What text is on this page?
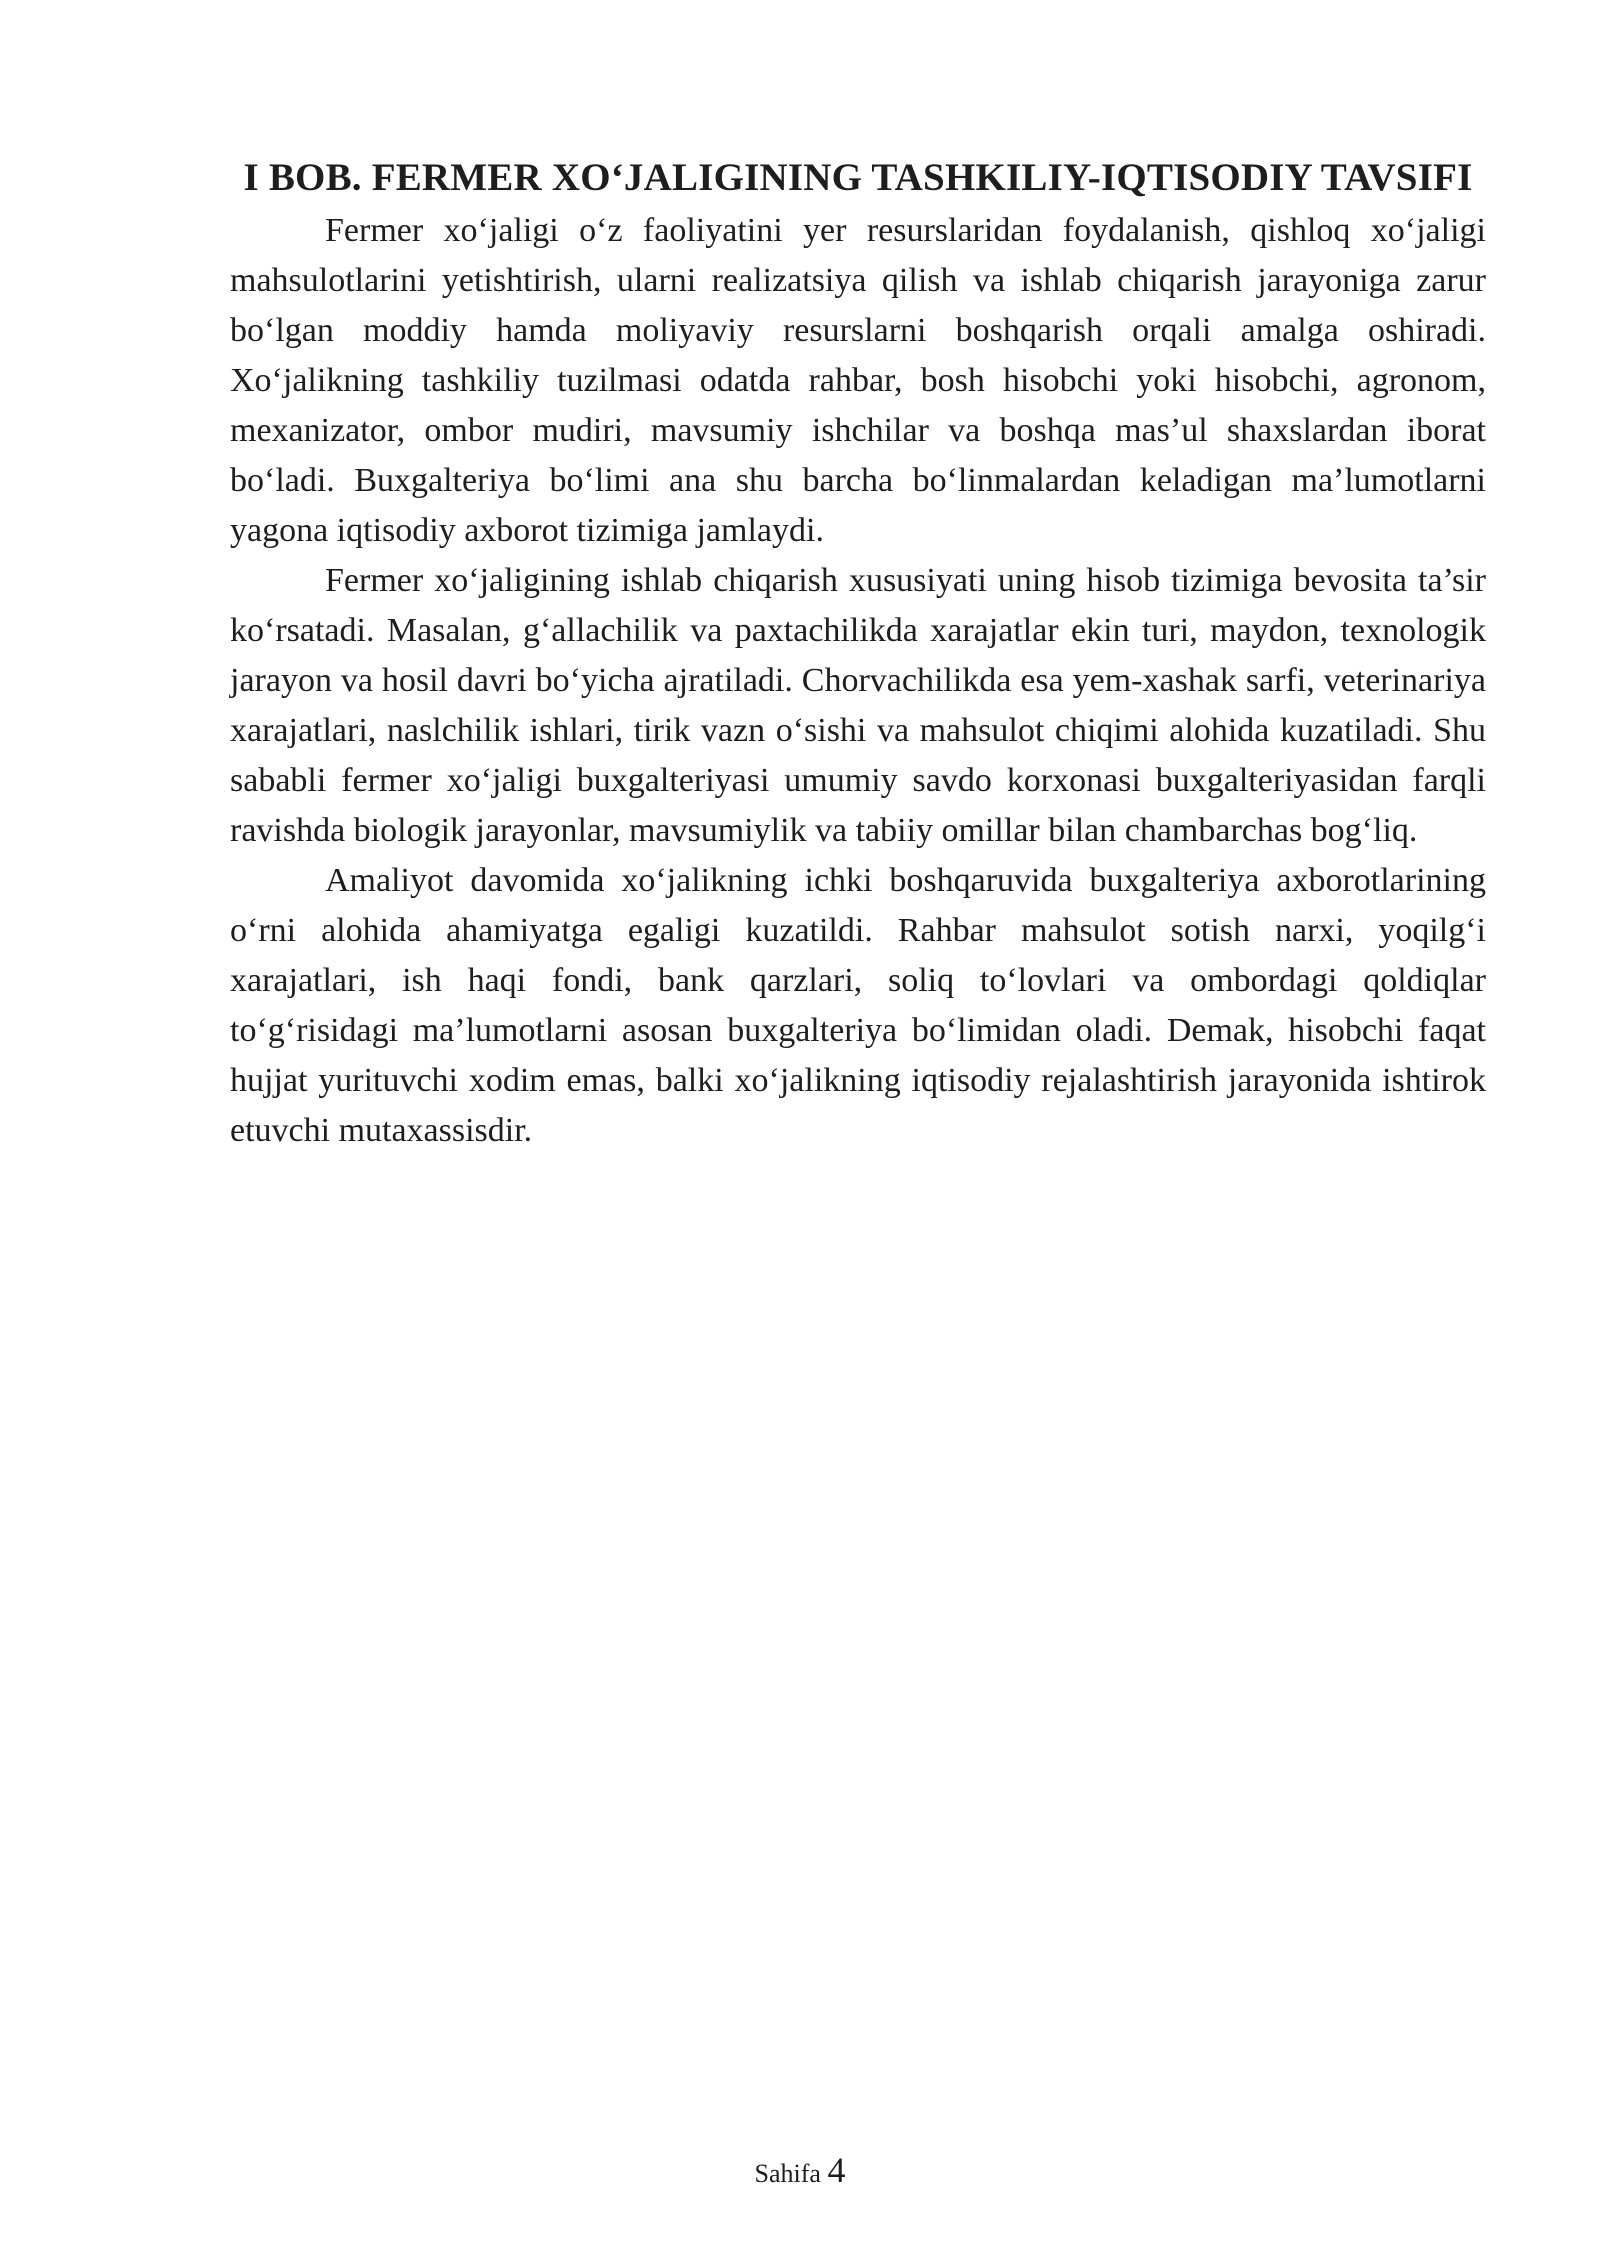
I BOB. FERMER XO‘JALIGINING TASHKILIY-IQTISODIY TAVSIFI

Fermer xo‘jaligi o‘z faoliyatini yer resurslaridan foydalanish, qishloq xo‘jaligi mahsulotlarini yetishtirish, ularni realizatsiya qilish va ishlab chiqarish jarayoniga zarur bo‘lgan moddiy hamda moliyaviy resurslarni boshqarish orqali amalga oshiradi. Xo‘jalikning tashkiliy tuzilmasi odatda rahbar, bosh hisobchi yoki hisobchi, agronom, mexanizator, ombor mudiri, mavsumiy ishchilar va boshqa mas’ul shaxslardan iborat bo‘ladi. Buxgalteriya bo‘limi ana shu barcha bo‘linmalardan keladigan ma’lumotlarni yagona iqtisodiy axborot tizimiga jamlaydi.

Fermer xo‘jaligining ishlab chiqarish xususiyati uning hisob tizimiga bevosita ta’sir ko‘rsatadi. Masalan, g‘allachilik va paxtachilikda xarajatlar ekin turi, maydon, texnologik jarayon va hosil davri bo‘yicha ajratiladi. Chorvachilikda esa yem-xashak sarfi, veterinariya xarajatlari, naslchilik ishlari, tirik vazn o‘sishi va mahsulot chiqimi alohida kuzatiladi. Shu sababli fermer xo‘jaligi buxgalteriyasi umumiy savdo korxonasi buxgalteriyasidan farqli ravishda biologik jarayonlar, mavsumiylik va tabiiy omillar bilan chambarchas bog‘liq.

Amaliyot davomida xo‘jalikning ichki boshqaruvida buxgalteriya axborotlarining o‘rni alohida ahamiyatga egaligi kuzatildi. Rahbar mahsulot sotish narxi, yoqilg‘i xarajatlari, ish haqi fondi, bank qarzlari, soliq to‘lovlari va ombordagi qoldiqlar to‘g‘risidagi ma’lumotlarni asosan buxgalteriya bo‘limidan oladi. Demak, hisobchi faqat hujjat yurituvchi xodim emas, balki xo‘jalikning iqtisodiy rejalashtirish jarayonida ishtirok etuvchi mutaxassisdir.

Sahifa 4
